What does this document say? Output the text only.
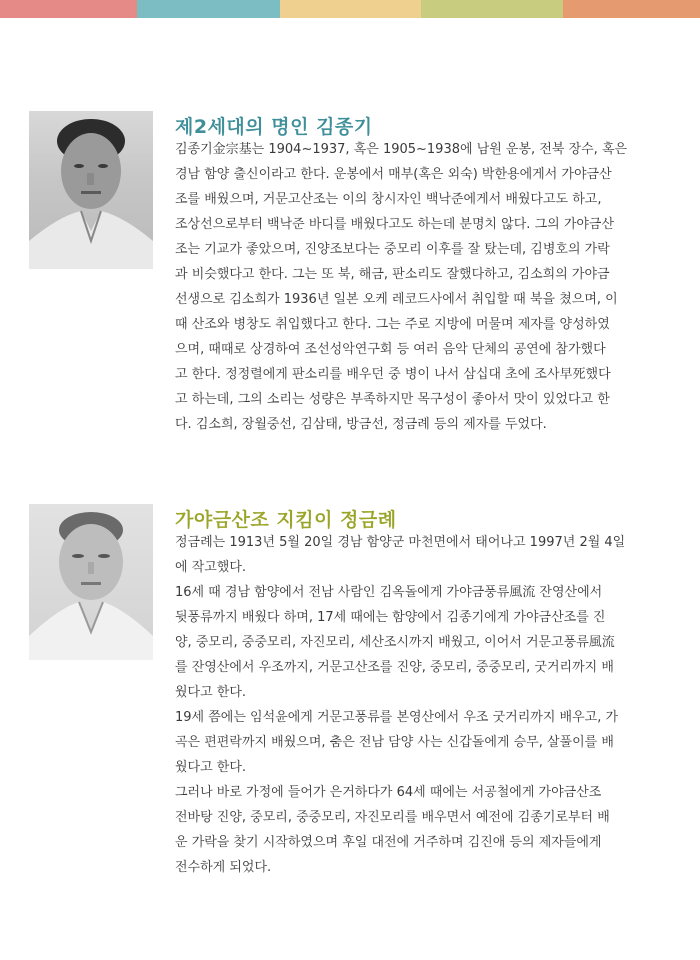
제2세대의 명인 김종기
김종기金宗基는 1904~1937, 혹은 1905~1938에 남원 운봉, 전북 장수, 혹은
경남 함양 출신이라고 한다. 운봉에서 매부(혹은 외숙) 박한용에게서 가야금산
조를 배웠으며, 거문고산조는 이의 창시자인 백낙준에게서 배웠다고도 하고,
조상선으로부터 백낙준 바디를 배웠다고도 하는데 분명치 않다. 그의 가야금산
조는 기교가 좋았으며, 진양조보다는 중모리 이후를 잘 탔는데, 김병호의 가락
과 비슷했다고 한다. 그는 또 북, 해금, 판소리도 잘했다하고, 김소희의 가야금
선생으로 김소희가 1936년 일본 오케 레코드사에서 취입할 때 북을 쳤으며, 이
때 산조와 병창도 취입했다고 한다. 그는 주로 지방에 머물며 제자를 양성하였
으며, 때때로 상경하여 조선성악연구회 등 여러 음악 단체의 공연에 참가했다
고 한다. 정정렬에게 판소리를 배우던 중 병이 나서 삼십대 초에 조사早死했다
고 하는데, 그의 소리는 성량은 부족하지만 목구성이 좋아서 맛이 있었다고 한
다. 김소희, 장월중선, 김삼태, 방금선, 정금례 등의 제자를 두었다.
가야금산조 지킴이 정금례
정금례는 1913년 5월 20일 경남 함양군 마천면에서 태어나고 1997년 2월 4일
에 작고했다.
16세 때 경남 함양에서 전남 사람인 김옥돌에게 가야금풍류風流 잔영산에서
뒷풍류까지 배웠다 하며, 17세 때에는 함양에서 김종기에게 가야금산조를 진
양, 중모리, 중중모리, 자진모리, 세산조시까지 배웠고, 이어서 거문고풍류風流
를 잔영산에서 우조까지, 거문고산조를 진양, 중모리, 중중모리, 굿거리까지 배
웠다고 한다.
19세 쯤에는 임석윤에게 거문고풍류를 본영산에서 우조 굿거리까지 배우고, 가
곡은 편편락까지 배웠으며, 춤은 전남 담양 사는 신갑돌에게 승무, 살풀이를 배
웠다고 한다.
그러나 바로 가정에 들어가 은거하다가 64세 때에는 서공철에게 가야금산조
전바탕 진양, 중모리, 중중모리, 자진모리를 배우면서 예전에 김종기로부터 배
운 가락을 찾기 시작하였으며 후일 대전에 거주하며 김진애 등의 제자들에게
전수하게 되었다.
